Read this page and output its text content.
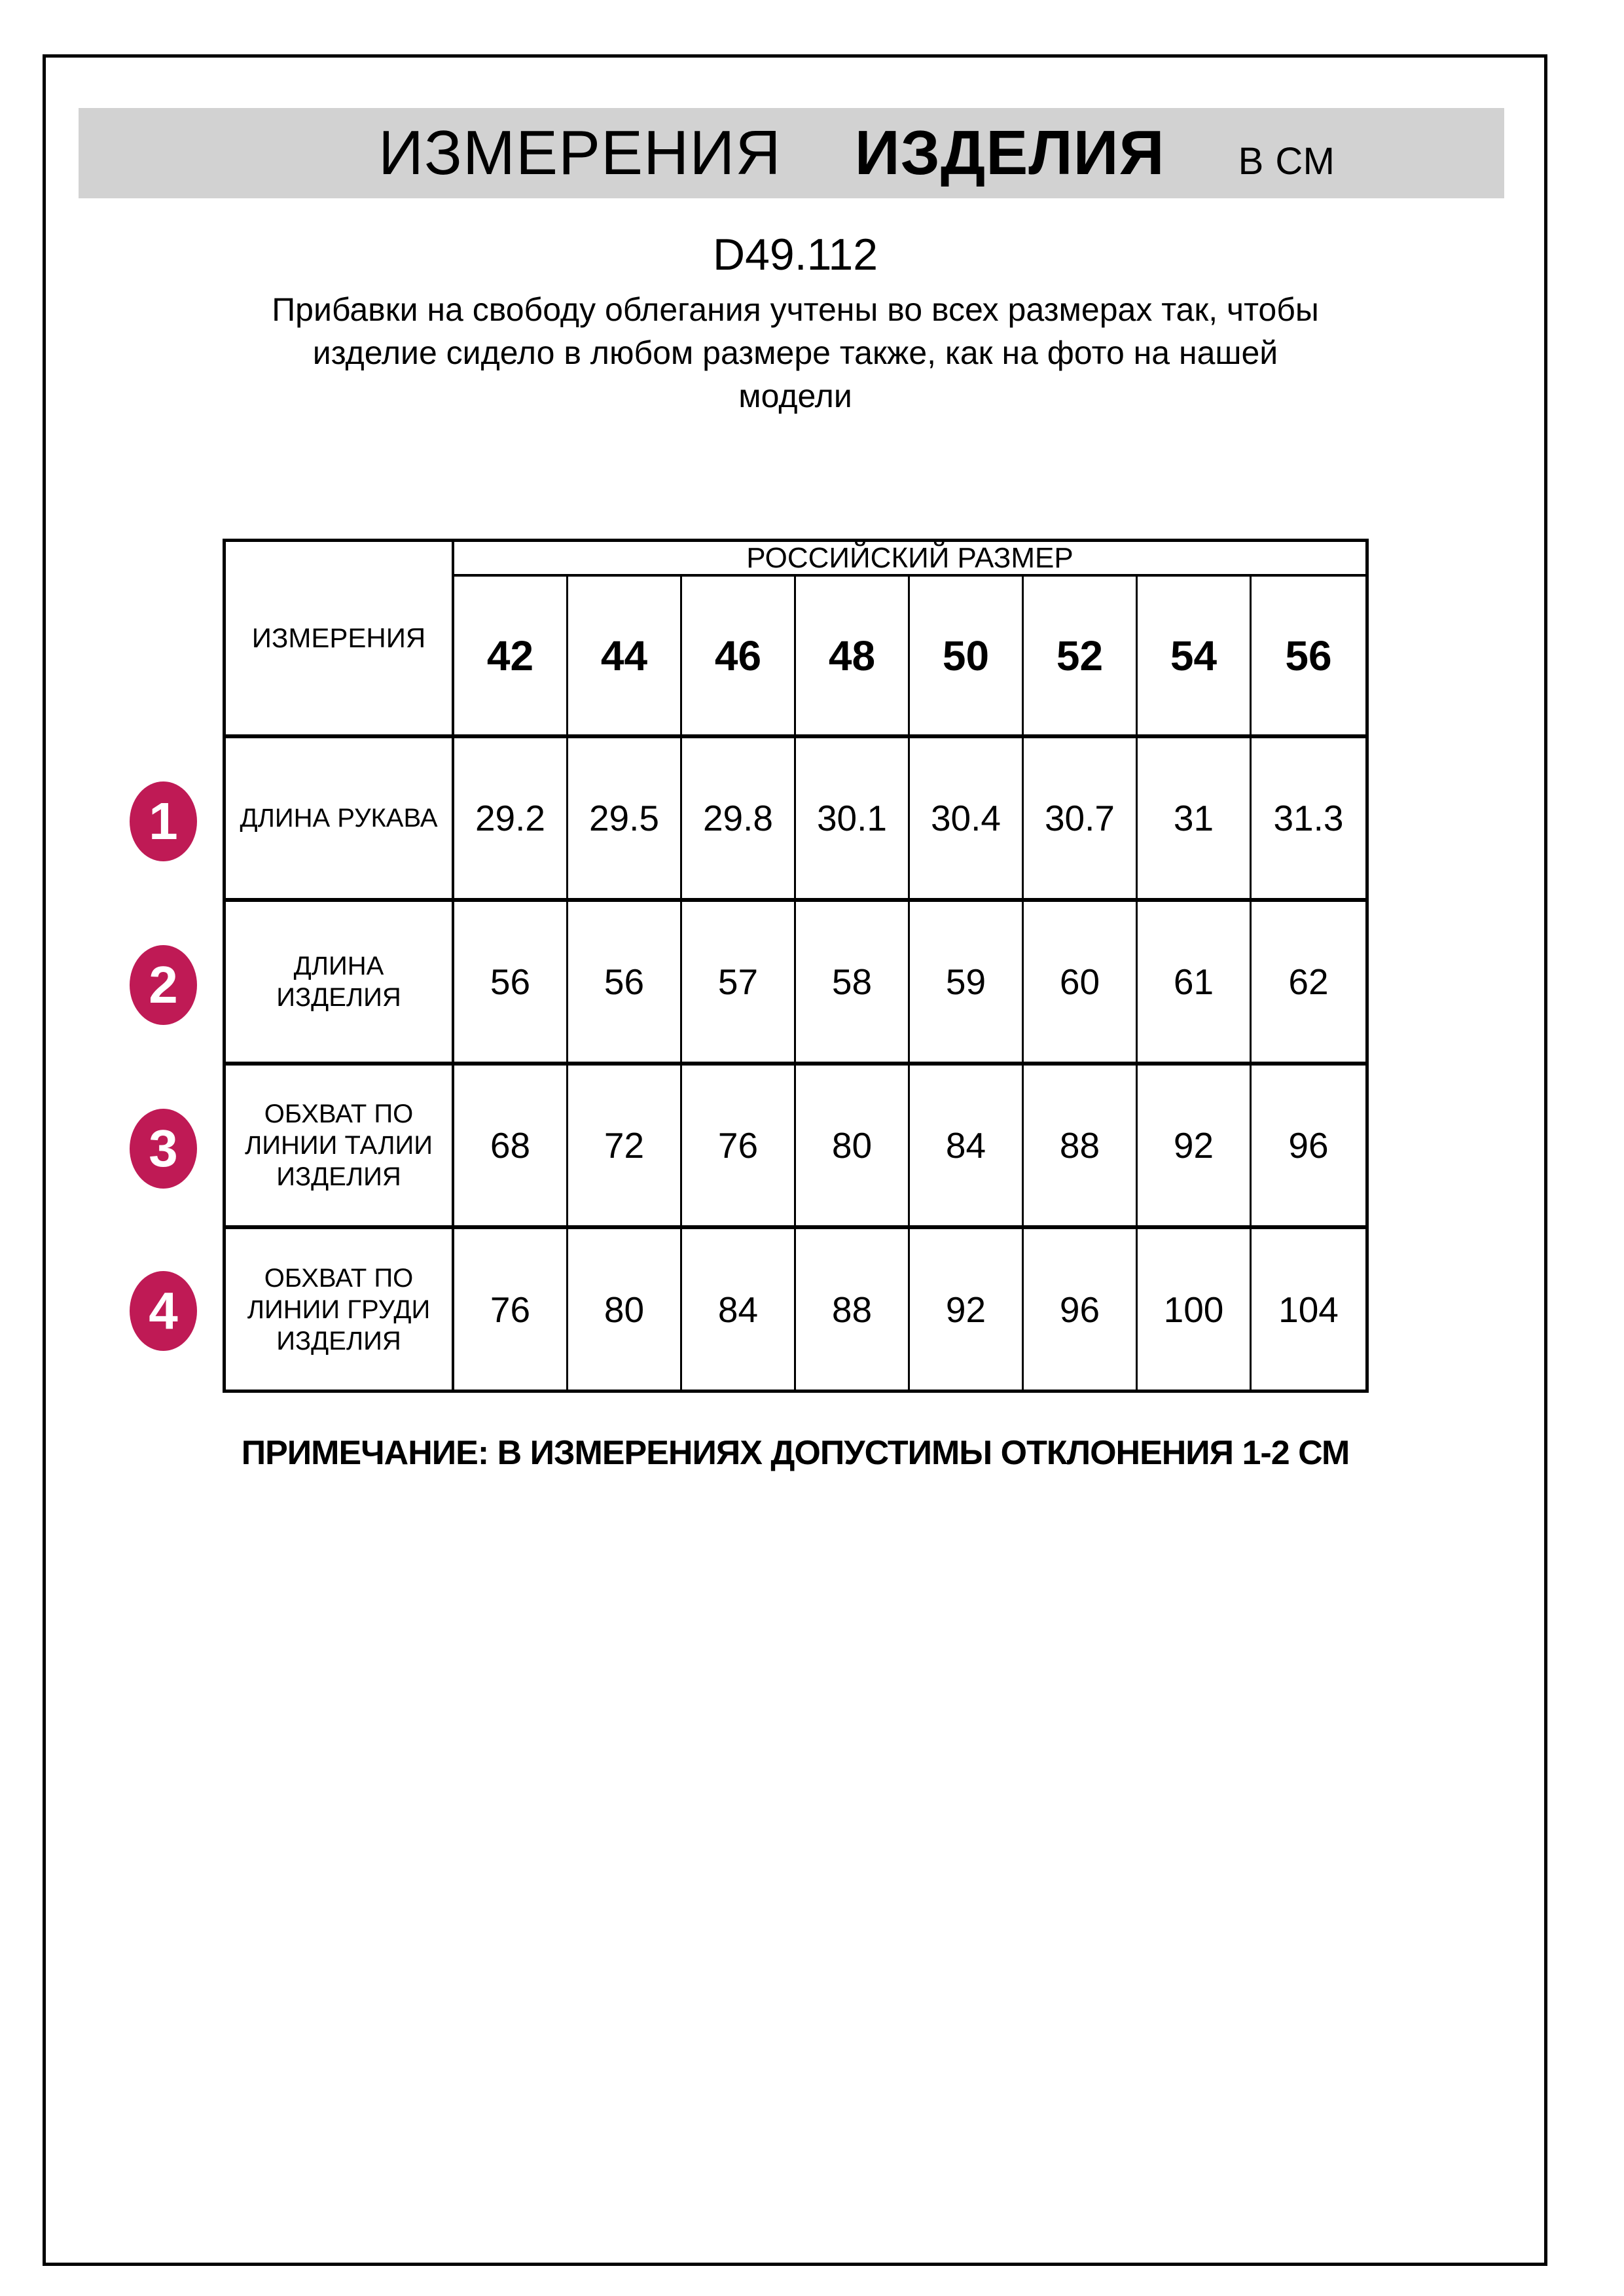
ИЗМЕРЕНИЯ ИЗДЕЛИЯ В СМ
D49.112
Прибавки на свободу облегания учтены во всех размерах так, чтобы
изделие сидело в любом размере также, как на фото на нашей
модели
ИЗМЕРЕНИЯ
РОССИЙСКИЙ РАЗМЕР
42	44	46	48	50	52	54	56
ДЛИНА РУКАВА	29.2	29.5	29.8	30.1	30.4	30.7	31	31.3
ДЛИНА
ИЗДЕЛИЯ	56	56	57	58	59	60	61	62
ОБХВАТ ПО
ЛИНИИ ТАЛИИ
ИЗДЕЛИЯ
68	72	76	80	84	88	92	96
ОБХВАТ ПО
ЛИНИИ ГРУДИ
ИЗДЕЛИЯ
76	80	84	88	92	96	100	104
1
2
3
4
ПРИМЕЧАНИЕ: В ИЗМЕРЕНИЯХ ДОПУСТИМЫ ОТКЛОНЕНИЯ 1-2 СМ
